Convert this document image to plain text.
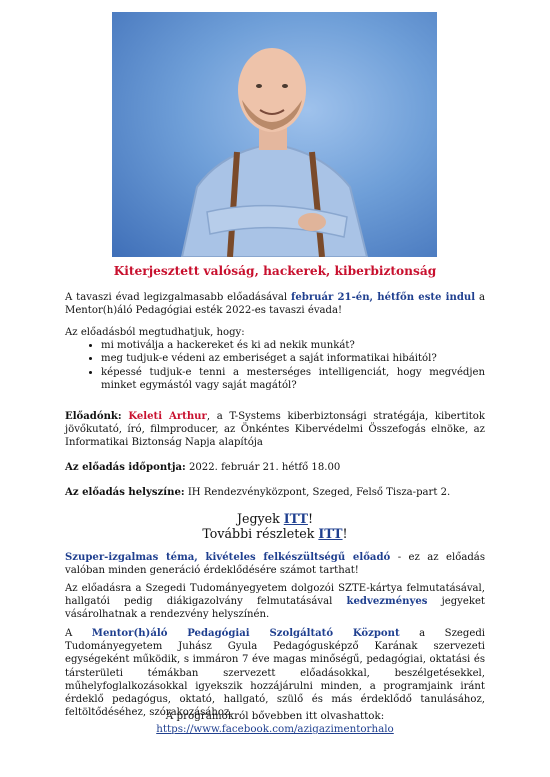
Kiterjesztett valóság, hackerek, kiberbiztonság
A tavaszi évad legizgalmasabb előadásával február 21-én, hétfőn este indul a Mentor(h)áló Pedagógiai esték 2022-es tavaszi évada!
Az előadásból megtudhatjuk, hogy:
• mi motiválja a hackereket és ki ad nekik munkát?
• meg tudjuk-e védeni az emberiséget a saját informatikai hibáitól?
• képessé tudjuk-e tenni a mesterséges intelligenciát, hogy megvédjen minket egymástól vagy saját magától?
Előadónk: Keleti Arthur, a T-Systems kiberbiztonsági stratégája, kibertitok jövőkutató, író, filmproducer, az Önkéntes Kibervédelmi Összefogás elnöke, az Informatikai Biztonság Napja alapítója
Az előadás időpontja: 2022. február 21. hétfő 18.00
Az előadás helyszíne: IH Rendezvényközpont, Szeged, Felső Tisza-part 2.
Jegyek ITT!
További részletek ITT!
Szuper-izgalmas téma, kivételes felkészültségű előadó - ez az előadás valóban minden generáció érdeklődésére számot tarthat!
Az előadásra a Szegedi Tudományegyetem dolgozói SZTE-kártya felmutatásával, hallgatói pedig diákigazolvány felmutatásával kedvezményes jegyeket vásárolhatnak a rendezvény helyszínén.
A Mentor(h)áló Pedagógiai Szolgáltató Központ a Szegedi Tudományegyetem Juhász Gyula Pedagógusképző Karának szervezeti egységeként működik, s immáron 7 éve magas minőségű, pedagógiai, oktatási és társterületi témákban szervezett előadásokkal, beszélgetésekkel, műhelyfoglalkozásokkal igyekszik hozzájárulni minden, a programjaink iránt érdeklő pedagógus, oktató, hallgató, szülő és más érdeklődő tanulásához, feltöltődéséhez, szórakozásához.
A programokról bővebben itt olvashattok:
https://www.facebook.com/azigazimentorhalo
